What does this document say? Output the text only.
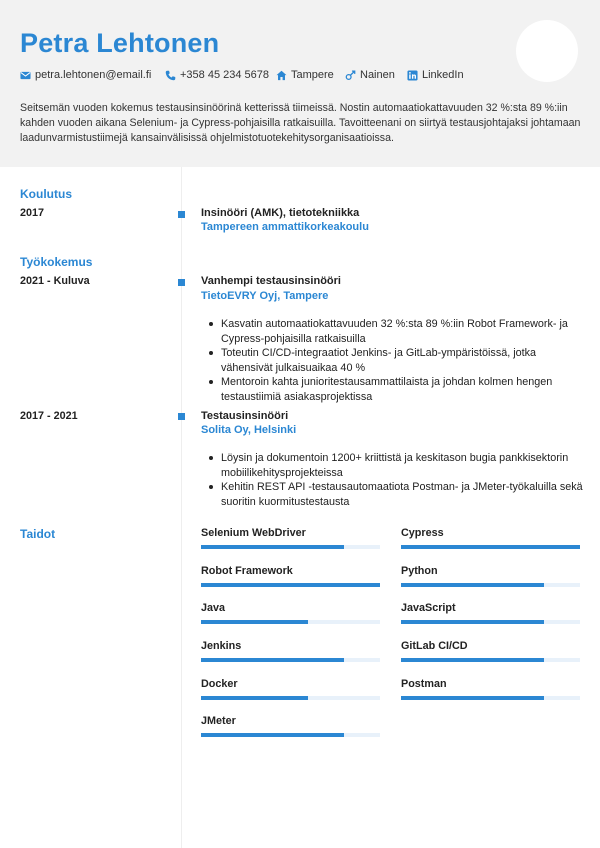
Petra Lehtonen
petra.lehtonen@email.fi	+358 45 234 5678 Tampere Nainen LinkedIn
Seitsemän vuoden kokemus testausinsinöörinä ketterissä tiimeissä. Nostin automaatiokattavuuden 32 %:sta 89 %:iin kahden vuoden aikana Selenium- ja Cypress-pohjaisilla ratkaisuilla. Tavoitteenani on siirtyä testausjohtajaksi johtamaan laadunvarmistustiimejä kansainvälisissä ohjelmistotuotekehitysorganisaatioissa.
Koulutus
2017	Insinööri (AMK), tietotekniikka
Tampereen ammattikorkeakoulu
Työkokemus
2021 - Kuluva	Vanhempi testausinsinööri
TietoEVRY Oyj, Tampere
Kasvatin automaatiokattavuuden 32 %:sta 89 %:iin Robot Framework- ja Cypress-pohjaisilla ratkaisuilla
Toteutin CI/CD-integraatiot Jenkins- ja GitLab-ympäristöissä, jotka vähensivät julkaisuaikaa 40 %
Mentoroin kahta junioritestausammattilaista ja johdan kolmen hengen testaustiimiä asiakasprojektissa
2017 - 2021	Testausinsinööri
Solita Oy, Helsinki
Löysin ja dokumentoin 1200+ kriittistä ja keskitason bugia pankkisektorin mobiilikehitysprojekteissa
Kehitin REST API -testausautomaatiota Postman- ja JMeter-työkaluilla sekä suoritin kuormitustestausta
Taidot	Selenium WebDriver	Cypress
Robot Framework	Python
Java	JavaScript
Jenkins	GitLab CI/CD
Docker	Postman
JMeter
